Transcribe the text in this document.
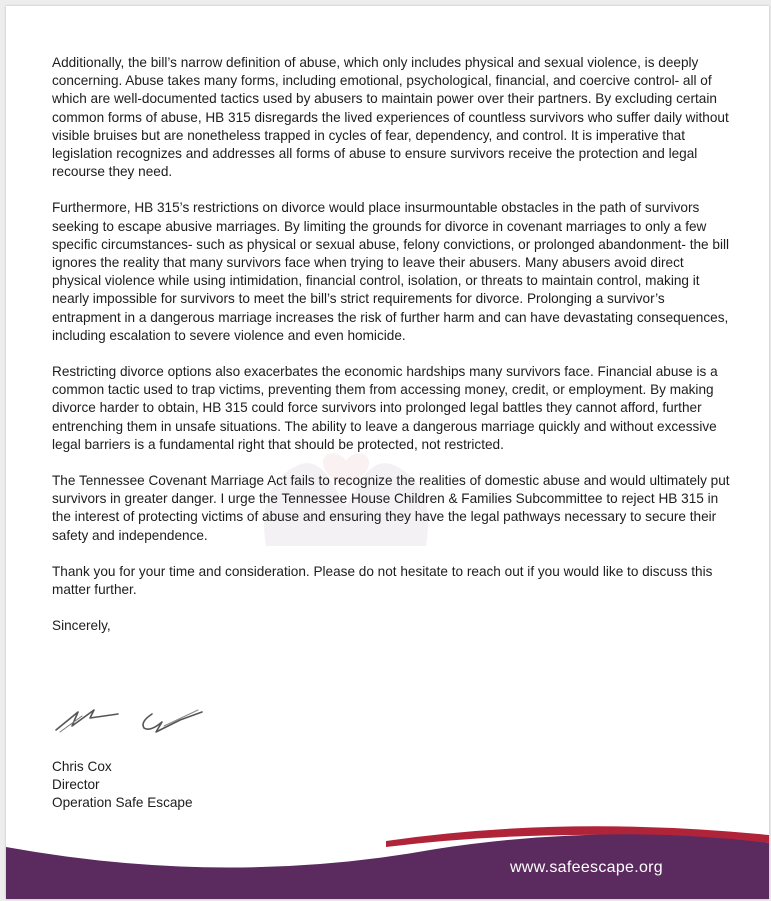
Additionally, the bill’s narrow definition of abuse, which only includes physical and sexual violence, is deeply concerning. Abuse takes many forms, including emotional, psychological, financial, and coercive control- all of which are well-documented tactics used by abusers to maintain power over their partners. By excluding certain common forms of abuse, HB 315 disregards the lived experiences of countless survivors who suffer daily without visible bruises but are nonetheless trapped in cycles of fear, dependency, and control. It is imperative that legislation recognizes and addresses all forms of abuse to ensure survivors receive the protection and legal recourse they need.

Furthermore, HB 315’s restrictions on divorce would place insurmountable obstacles in the path of survivors seeking to escape abusive marriages. By limiting the grounds for divorce in covenant marriages to only a few specific circumstances- such as physical or sexual abuse, felony convictions, or prolonged abandonment- the bill ignores the reality that many survivors face when trying to leave their abusers. Many abusers avoid direct physical violence while using intimidation, financial control, isolation, or threats to maintain control, making it nearly impossible for survivors to meet the bill’s strict requirements for divorce. Prolonging a survivor’s entrapment in a dangerous marriage increases the risk of further harm and can have devastating consequences, including escalation to severe violence and even homicide.

Restricting divorce options also exacerbates the economic hardships many survivors face. Financial abuse is a common tactic used to trap victims, preventing them from accessing money, credit, or employment. By making divorce harder to obtain, HB 315 could force survivors into prolonged legal battles they cannot afford, further entrenching them in unsafe situations. The ability to leave a dangerous marriage quickly and without excessive legal barriers is a fundamental right that should be protected, not restricted.

The Tennessee Covenant Marriage Act fails to recognize the realities of domestic abuse and would ultimately put survivors in greater danger. I urge the Tennessee House Children & Families Subcommittee to reject HB 315 in the interest of protecting victims of abuse and ensuring they have the legal pathways necessary to secure their safety and independence.

Thank you for your time and consideration. Please do not hesitate to reach out if you would like to discuss this matter further.

Sincerely,

Chris Cox
Director
Operation Safe Escape
www.safeescape.org
